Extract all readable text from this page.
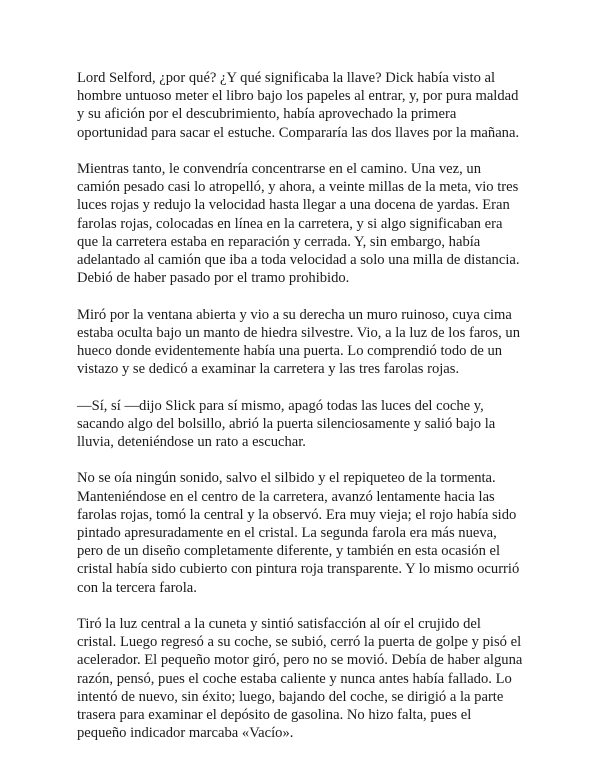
Lord Selford, ¿por qué? ¿Y qué significaba la llave? Dick había visto al
hombre untuoso meter el libro bajo los papeles al entrar, y, por pura maldad
y su afición por el descubrimiento, había aprovechado la primera
oportunidad para sacar el estuche. Compararía las dos llaves por la mañana.

Mientras tanto, le convendría concentrarse en el camino. Una vez, un
camión pesado casi lo atropelló, y ahora, a veinte millas de la meta, vio tres
luces rojas y redujo la velocidad hasta llegar a una docena de yardas. Eran
farolas rojas, colocadas en línea en la carretera, y si algo significaban era
que la carretera estaba en reparación y cerrada. Y, sin embargo, había
adelantado al camión que iba a toda velocidad a solo una milla de distancia.
Debió de haber pasado por el tramo prohibido.

Miró por la ventana abierta y vio a su derecha un muro ruinoso, cuya cima
estaba oculta bajo un manto de hiedra silvestre. Vio, a la luz de los faros, un
hueco donde evidentemente había una puerta. Lo comprendió todo de un
vistazo y se dedicó a examinar la carretera y las tres farolas rojas.

—Sí, sí —dijo Slick para sí mismo, apagó todas las luces del coche y,
sacando algo del bolsillo, abrió la puerta silenciosamente y salió bajo la
lluvia, deteniéndose un rato a escuchar.

No se oía ningún sonido, salvo el silbido y el repiqueteo de la tormenta.
Manteniéndose en el centro de la carretera, avanzó lentamente hacia las
farolas rojas, tomó la central y la observó. Era muy vieja; el rojo había sido
pintado apresuradamente en el cristal. La segunda farola era más nueva,
pero de un diseño completamente diferente, y también en esta ocasión el
cristal había sido cubierto con pintura roja transparente. Y lo mismo ocurrió
con la tercera farola.

Tiró la luz central a la cuneta y sintió satisfacción al oír el crujido del
cristal. Luego regresó a su coche, se subió, cerró la puerta de golpe y pisó el
acelerador. El pequeño motor giró, pero no se movió. Debía de haber alguna
razón, pensó, pues el coche estaba caliente y nunca antes había fallado. Lo
intentó de nuevo, sin éxito; luego, bajando del coche, se dirigió a la parte
trasera para examinar el depósito de gasolina. No hizo falta, pues el
pequeño indicador marcaba «Vacío».
